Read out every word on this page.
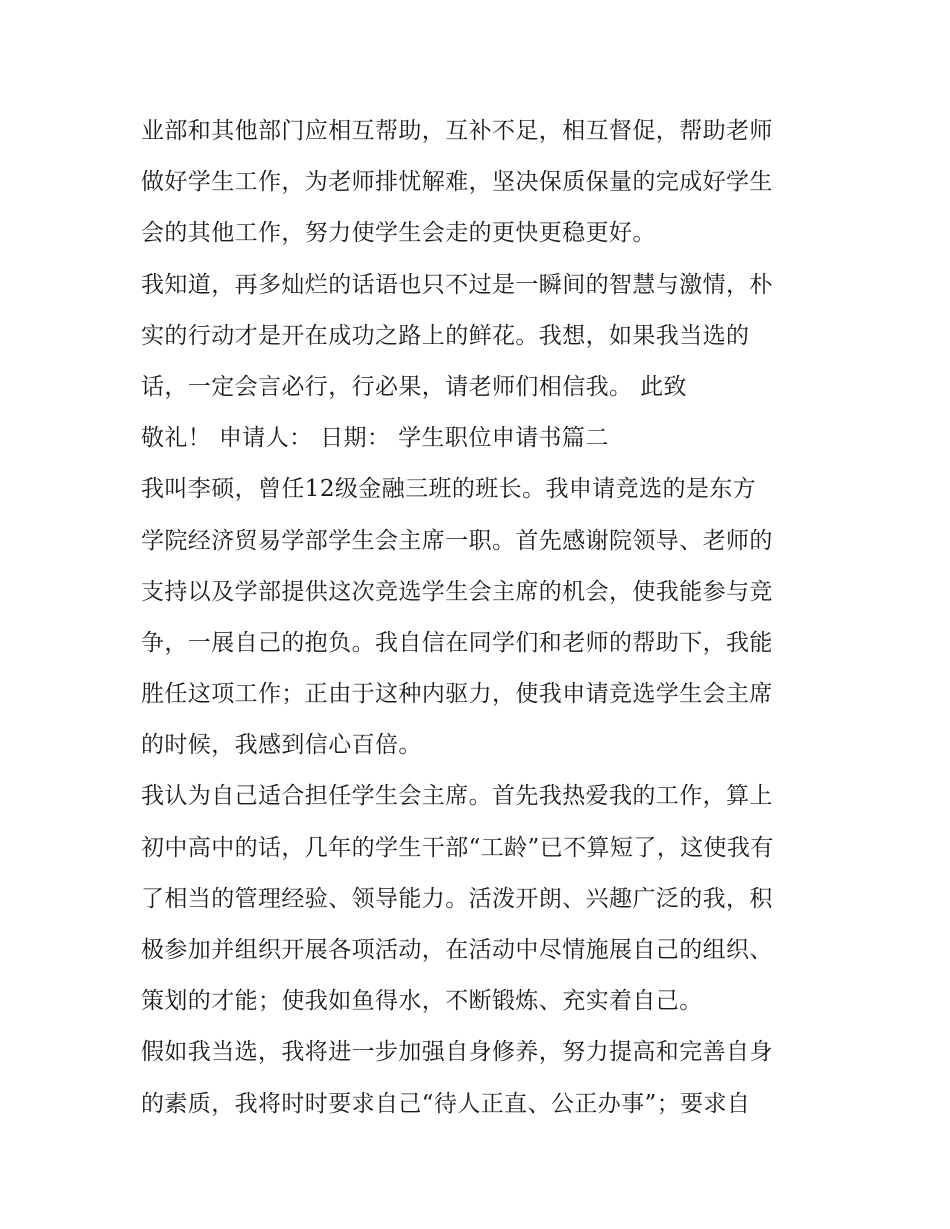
业部和其他部门应相互帮助，互补不足，相互督促，帮助老师
做好学生工作，为老师排忧解难，坚决保质保量的完成好学生
会的其他工作，努力使学生会走的更快更稳更好。
我知道，再多灿烂的话语也只不过是一瞬间的智慧与激情，朴
实的行动才是开在成功之路上的鲜花。我想，如果我当选的
话，一定会言必行，行必果，请老师们相信我。 此致
敬礼！ 申请人： 日期： 学生职位申请书篇二
我叫李硕，曾任12级金融三班的班长。我申请竞选的是东方
学院经济贸易学部学生会主席一职。首先感谢院领导、老师的
支持以及学部提供这次竞选学生会主席的机会，使我能参与竞
争，一展自己的抱负。我自信在同学们和老师的帮助下，我能
胜任这项工作；正由于这种内驱力，使我申请竞选学生会主席
的时候，我感到信心百倍。
我认为自己适合担任学生会主席。首先我热爱我的工作，算上
初中高中的话，几年的学生干部“工龄”已不算短了，这使我有
了相当的管理经验、领导能力。活泼开朗、兴趣广泛的我，积
极参加并组织开展各项活动，在活动中尽情施展自己的组织、
策划的才能；使我如鱼得水，不断锻炼、充实着自己。
假如我当选，我将进一步加强自身修养，努力提高和完善自身
的素质，我将时时要求自己“待人正直、公正办事”；要求自
